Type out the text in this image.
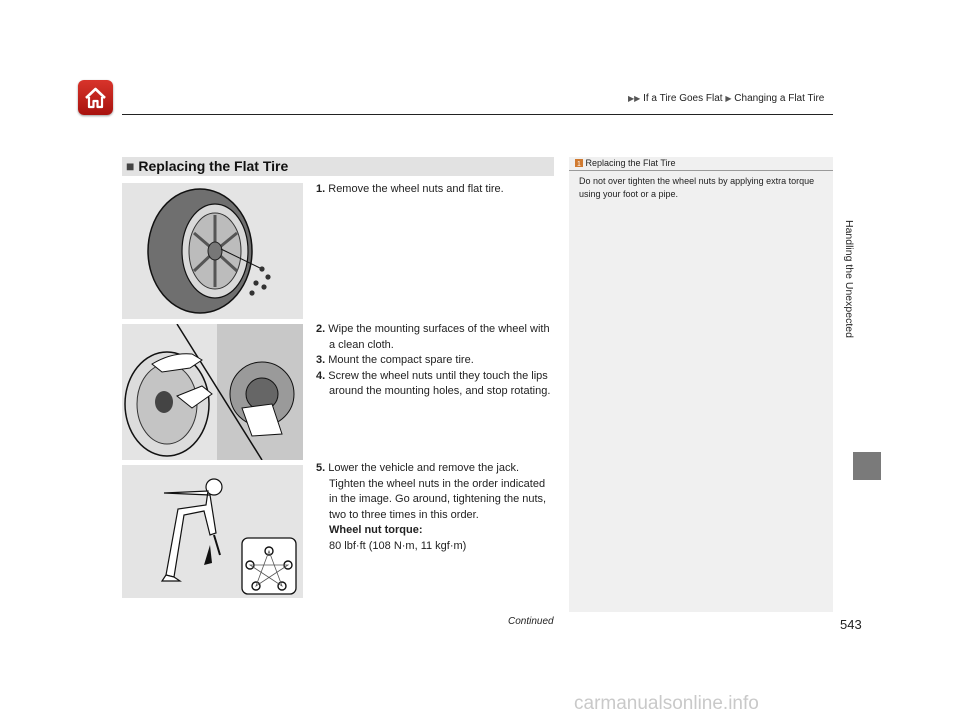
▶▶ If a Tire Goes Flat ▶ Changing a Flat Tire
Handling the Unexpected
■ Replacing the Flat Tire	1 Replacing the Flat Tire
Do not over tighten the wheel nuts by applying extra torque using your foot or a pipe.

1. Remove the wheel nuts and flat tire.

2. Wipe the mounting surfaces of the wheel with a clean cloth.

3. Mount the compact spare tire.

4. Screw the wheel nuts until they touch the lips around the mounting holes, and stop rotating.

5. Lower the vehicle and remove the jack. Tighten the wheel nuts in the order indicated in the image. Go around, tightening the nuts, two to three times in this order.

Wheel nut torque:
80 lbf·ft (108 N·m, 11 kgf·m)

Continued	543
carmanualsonline.info
